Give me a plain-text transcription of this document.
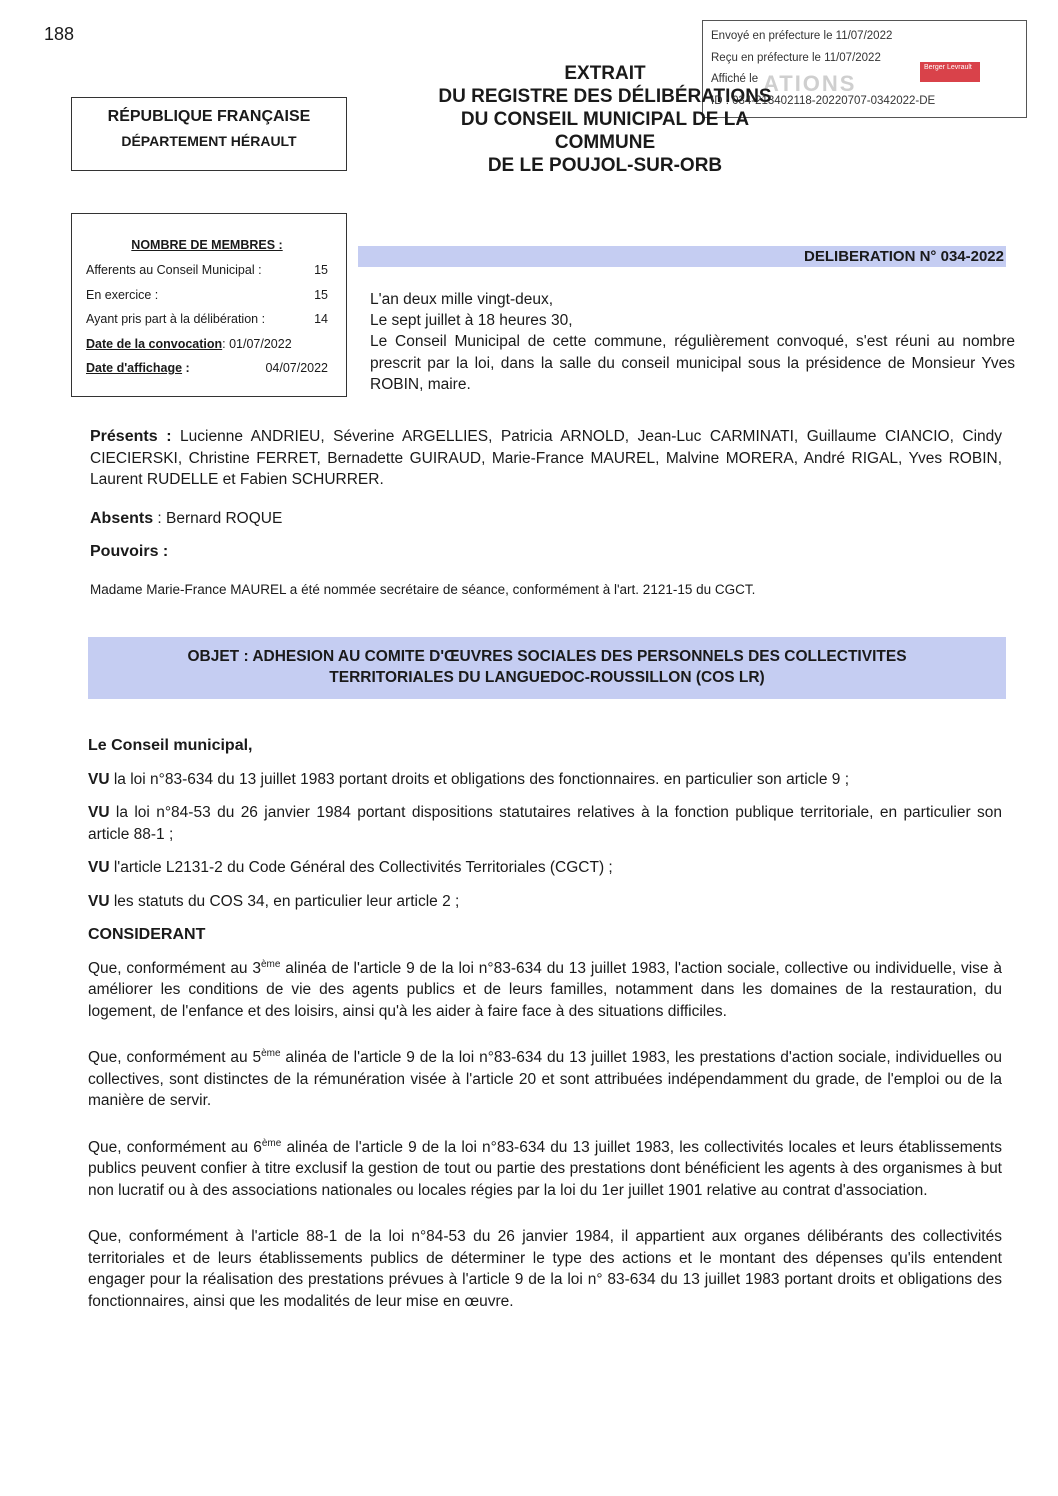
188
ATIONS
Envoyé en préfecture le 11/07/2022
Reçu en préfecture le 11/07/2022
Affiché le
ID : 034-213402118-20220707-0342022-DE
Berger Levrault
EXTRAIT
DU REGISTRE DES DÉLIBÉRATIONS
DU CONSEIL MUNICIPAL DE LA
COMMUNE
DE LE POUJOL-SUR-ORB
RÉPUBLIQUE FRANÇAISE
DÉPARTEMENT HÉRAULT
NOMBRE DE MEMBRES :
Afferents au Conseil Municipal :	15
En exercice :	15
Ayant pris part à la délibération :	14
Date de la convocation: 01/07/2022
Date d'affichage :	04/07/2022
DELIBERATION N° 034-2022
L'an deux mille vingt-deux,
Le sept juillet à 18 heures 30,
Le Conseil Municipal de cette commune, régulièrement convoqué, s'est réuni au nombre prescrit par la loi, dans la salle du conseil municipal sous la présidence de Monsieur Yves ROBIN, maire.
Présents : Lucienne ANDRIEU, Séverine ARGELLIES, Patricia ARNOLD, Jean-Luc CARMINATI, Guillaume CIANCIO, Cindy CIECIERSKI, Christine FERRET, Bernadette GUIRAUD, Marie-France MAUREL, Malvine MORERA, André RIGAL, Yves ROBIN, Laurent RUDELLE et Fabien SCHURRER.
Absents : Bernard ROQUE
Pouvoirs :
Madame Marie-France MAUREL a été nommée secrétaire de séance, conformément à l'art. 2121-15 du CGCT.
OBJET : ADHESION AU COMITE D'ŒUVRES SOCIALES DES PERSONNELS DES COLLECTIVITES
TERRITORIALES DU LANGUEDOC-ROUSSILLON (COS LR)

Le Conseil municipal,

VU la loi n°83-634 du 13 juillet 1983 portant droits et obligations des fonctionnaires. en particulier son article 9 ;

VU la loi n°84-53 du 26 janvier 1984 portant dispositions statutaires relatives à la fonction publique territoriale, en particulier son article 88-1 ;

VU l'article L2131-2 du Code Général des Collectivités Territoriales (CGCT) ;

VU les statuts du COS 34, en particulier leur article 2 ;

CONSIDERANT

Que, conformément au 3ème alinéa de l'article 9 de la loi n°83-634 du 13 juillet 1983, l'action sociale, collective ou individuelle, vise à améliorer les conditions de vie des agents publics et de leurs familles, notamment dans les domaines de la restauration, du logement, de l'enfance et des loisirs, ainsi qu'à les aider à faire face à des situations difficiles.

Que, conformément au 5ème alinéa de l'article 9 de la loi n°83-634 du 13 juillet 1983, les prestations d'action sociale, individuelles ou collectives, sont distinctes de la rémunération visée à l'article 20 et sont attribuées indépendamment du grade, de l'emploi ou de la manière de servir.

Que, conformément au 6ème alinéa de l'article 9 de la loi n°83-634 du 13 juillet 1983, les collectivités locales et leurs établissements publics peuvent confier à titre exclusif la gestion de tout ou partie des prestations dont bénéficient les agents à des organismes à but non lucratif ou à des associations nationales ou locales régies par la loi du 1er juillet 1901 relative au contrat d'association.

Que, conformément à l'article 88-1 de la loi n°84-53 du 26 janvier 1984, il appartient aux organes délibérants des collectivités territoriales et de leurs établissements publics de déterminer le type des actions et le montant des dépenses qu'ils entendent engager pour la réalisation des prestations prévues à l'article 9 de la loi n° 83-634 du 13 juillet 1983 portant droits et obligations des fonctionnaires, ainsi que les modalités de leur mise en œuvre.
